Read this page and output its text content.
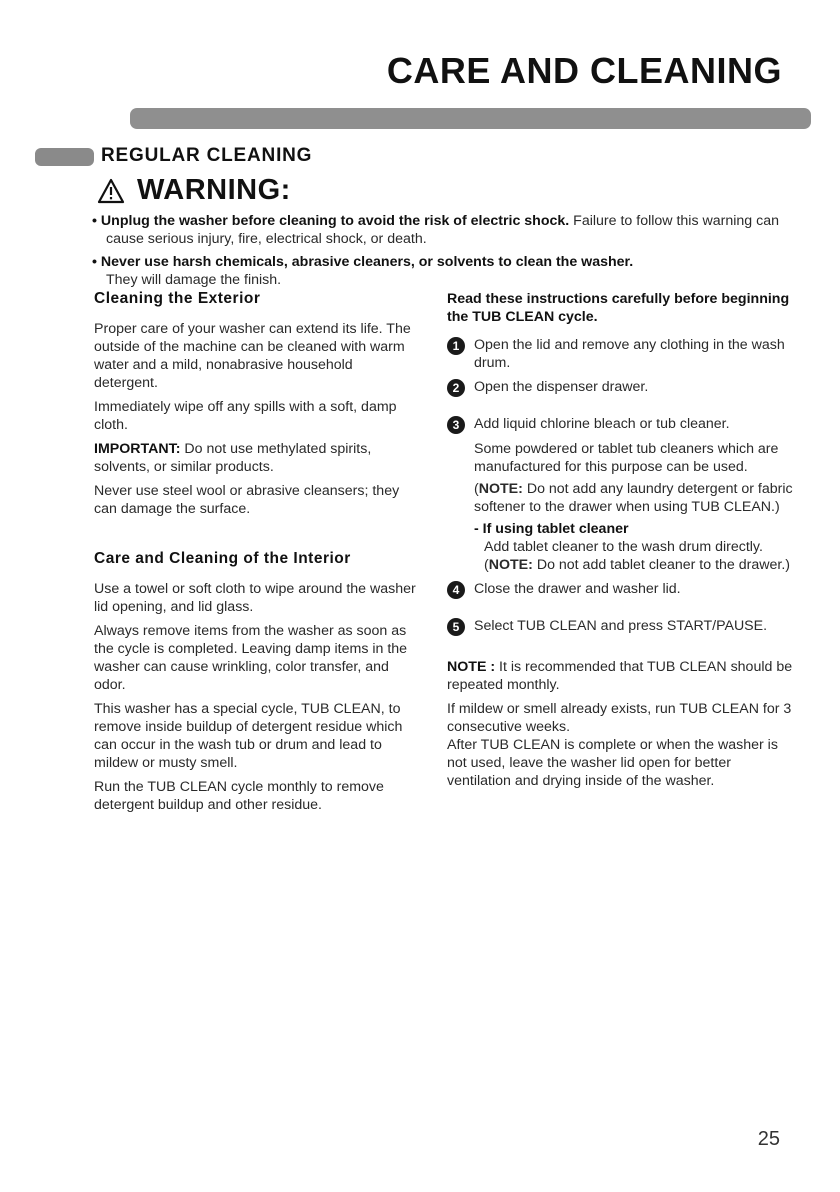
CARE AND CLEANING
REGULAR CLEANING
WARNING:
• Unplug the washer before cleaning to avoid the risk of electric shock. Failure to follow this warning can cause serious injury, fire, electrical shock, or death.
• Never use harsh chemicals, abrasive cleaners, or solvents to clean the washer.
They will damage the finish.
Cleaning the Exterior

Proper care of your washer can extend its life. The outside of the machine can be cleaned with warm water and a mild, nonabrasive household detergent.

Immediately wipe off any spills with a soft, damp cloth.

IMPORTANT: Do not use methylated spirits, solvents, or similar products.

Never use steel wool or abrasive cleansers; they can damage the surface.

Care and Cleaning of the Interior

Use a towel or soft cloth to wipe around the washer lid opening, and lid glass.

Always remove items from the washer as soon as the cycle is completed. Leaving damp items in the washer can cause wrinkling, color transfer, and odor.

This washer has a special cycle, TUB CLEAN, to remove inside buildup of detergent residue which can occur in the wash tub or drum and lead to mildew or musty smell.

Run the TUB CLEAN cycle monthly to remove detergent buildup and other residue.

Read these instructions carefully before beginning the TUB CLEAN cycle.

1	Open the lid and remove any clothing in the wash drum.
2	Open the dispenser drawer.
3	Add liquid chlorine bleach or tub cleaner.

Some powdered or tablet tub cleaners which are manufactured for this purpose can be used.

(NOTE: Do not add any laundry detergent or fabric softener to the drawer when using TUB CLEAN.)

- If using tablet cleaner
Add tablet cleaner to the wash drum directly.
(NOTE: Do not add tablet cleaner to the drawer.)
4	Close the drawer and washer lid.
5	Select TUB CLEAN and press START/PAUSE.

NOTE : It is recommended that TUB CLEAN should be repeated monthly.

If mildew or smell already exists, run TUB CLEAN for 3 consecutive weeks.

After TUB CLEAN is complete or when the washer is not used, leave the washer lid open for better ventilation and drying inside of the washer.

25
